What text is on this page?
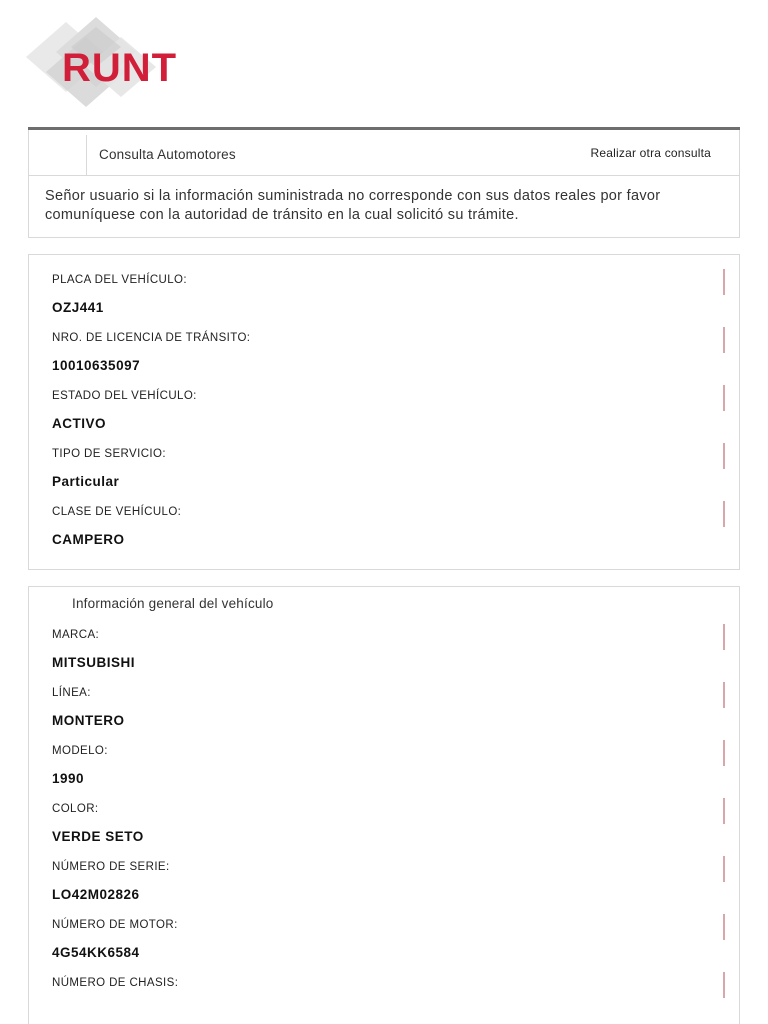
RUNT
Consulta Automotores	Realizar otra consulta
Señor usuario si la información suministrada no corresponde con sus datos reales por favor comuníquese con la autoridad de tránsito en la cual solicitó su trámite.
PLACA DEL VEHÍCULO:
OZJ441
NRO. DE LICENCIA DE TRÁNSITO:
10010635097
ESTADO DEL VEHÍCULO:
ACTIVO
TIPO DE SERVICIO:
Particular
CLASE DE VEHÍCULO:
CAMPERO
Información general del vehículo
MARCA:
MITSUBISHI
LÍNEA:
MONTERO
MODELO:
1990
COLOR:
VERDE SETO
NÚMERO DE SERIE:
LO42M02826
NÚMERO DE MOTOR:
4G54KK6584
NÚMERO DE CHASIS:
